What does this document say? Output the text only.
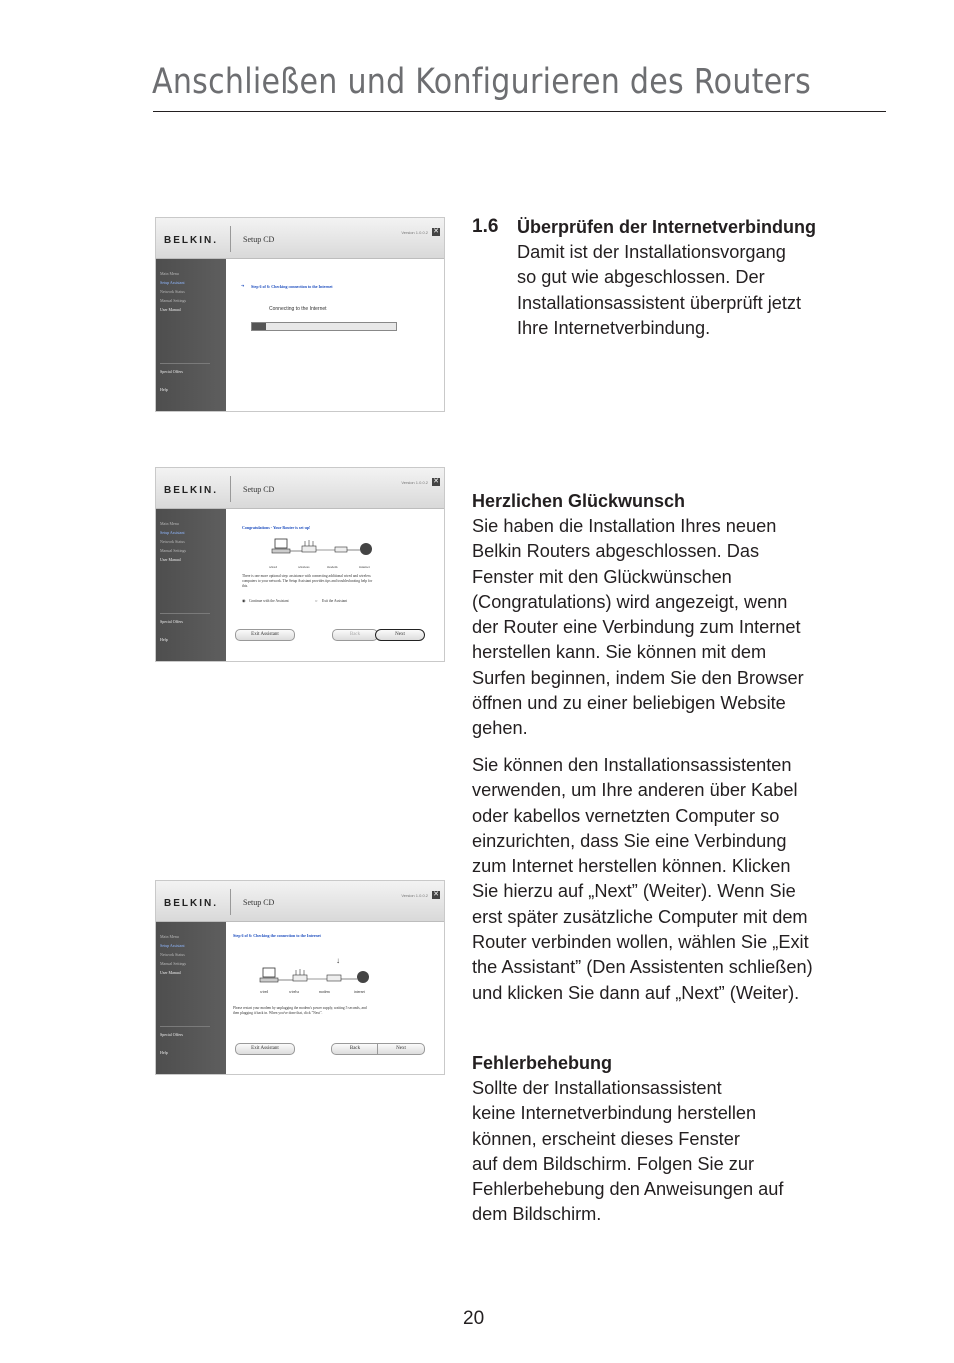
Anschließen und Konfigurieren des Routers
BELKIN.	Setup CD
Version 1.0.0.2 ✕
Main Menu
Setup Assistant
Network Status
Manual Settings
User Manual
Special Offers
Help
➔ Step 6 of 6: Checking connection to the Internet
Connecting to the Internet
BELKIN.	Setup CD
Version 1.0.0.2 ✕
Main Menu
Setup Assistant
Network Status
Manual Settings
User Manual
Special Offers
Help
Congratulations - Your Router is set up!
wired	wireless	modem	internet
There is one more optional step: assistance with connecting additional wired and wireless
computers to your network. The Setup Assistant provides tips and troubleshooting help for
this.
◉ Continue with the Assistant	○ Exit the Assistant
Exit Assistant	Back	Next
BELKIN.	Setup CD
Version 1.0.0.2 ✕
Main Menu
Setup Assistant
Network Status
Manual Settings
User Manual
Special Offers
Help
Step 6 of 6: Checking the connection to the Internet
↓
wired	wirelss	modem	internet
Please restart your modem by unplugging the modem's power supply, waiting 5 seconds, and
then plugging it back in. When you've done that, click "Next".
Exit Assistant	Back	Next
1.6 Überprüfen der Internetverbindung
Damit ist der Installationsvorgang
so gut wie abgeschlossen. Der
Installationsassistent überprüft jetzt
Ihre Internetverbindung.
Herzlichen Glückwunsch
Sie haben die Installation Ihres neuen
Belkin Routers abgeschlossen. Das
Fenster mit den Glückwünschen
(Congratulations) wird angezeigt, wenn
der Router eine Verbindung zum Internet
herstellen kann. Sie können mit dem
Surfen beginnen, indem Sie den Browser
öffnen und zu einer beliebigen Website
gehen.
Sie können den Installationsassistenten
verwenden, um Ihre anderen über Kabel
oder kabellos vernetzten Computer so
einzurichten, dass Sie eine Verbindung
zum Internet herstellen können. Klicken
Sie hierzu auf „Next” (Weiter). Wenn Sie
erst später zusätzliche Computer mit dem
Router verbinden wollen, wählen Sie „Exit
the Assistant” (Den Assistenten schließen)
und klicken Sie dann auf „Next” (Weiter).
Fehlerbehebung
Sollte der Installationsassistent
keine Internetverbindung herstellen
können, erscheint dieses Fenster
auf dem Bildschirm. Folgen Sie zur
Fehlerbehebung den Anweisungen auf
dem Bildschirm.
20
